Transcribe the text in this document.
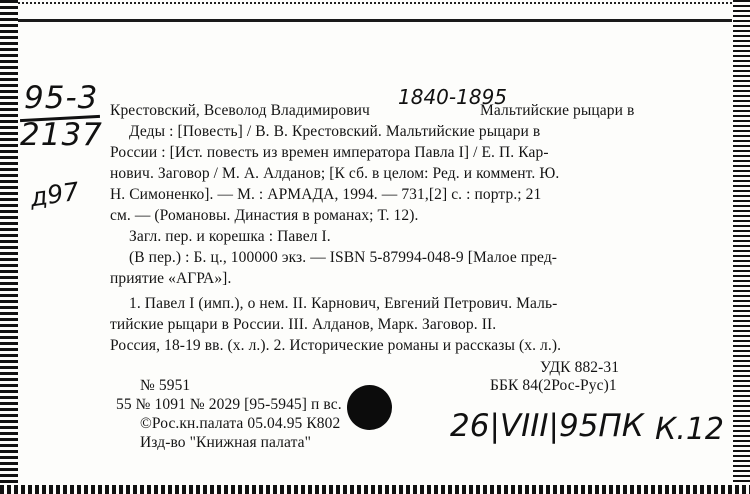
95-3
2137
д97
1840-1895
Крестовский, Всеволод Владимирович	Мальтийские рыцари в
Деды : [Повесть] / В. В. Крестовский. Мальтийские рыцари в
России : [Ист. повесть из времен императора Павла I] / Е. П. Кар-
нович. Заговор / М. А. Алданов; [К сб. в целом: Ред. и коммент. Ю.
Н. Симоненко]. — М. : АРМАДА, 1994. — 731,[2] с. : портр.; 21
см. — (Романовы. Династия в романах; Т. 12).
Загл. пер. и корешка : Павел I.
(В пер.) : Б. ц., 100000 экз. — ISBN 5-87994-048-9 [Малое пред-
приятие «АГРА»].
1. Павел I (имп.), о нем. II. Карнович, Евгений Петрович. Маль-
тийские рыцари в России. III. Алданов, Марк. Заговор. II.
Россия, 18-19 вв. (х. л.). 2. Исторические романы и рассказы (х. л.).
УДК 882-31
ББК 84(2Рос-Рус)1
№ 5951
55 № 1091 № 2029 [95-5945] п вс.
©Рос.кн.палата 05.04.95 К802
Изд-во "Книжная палата"	26|VIII|95ПК К.12
